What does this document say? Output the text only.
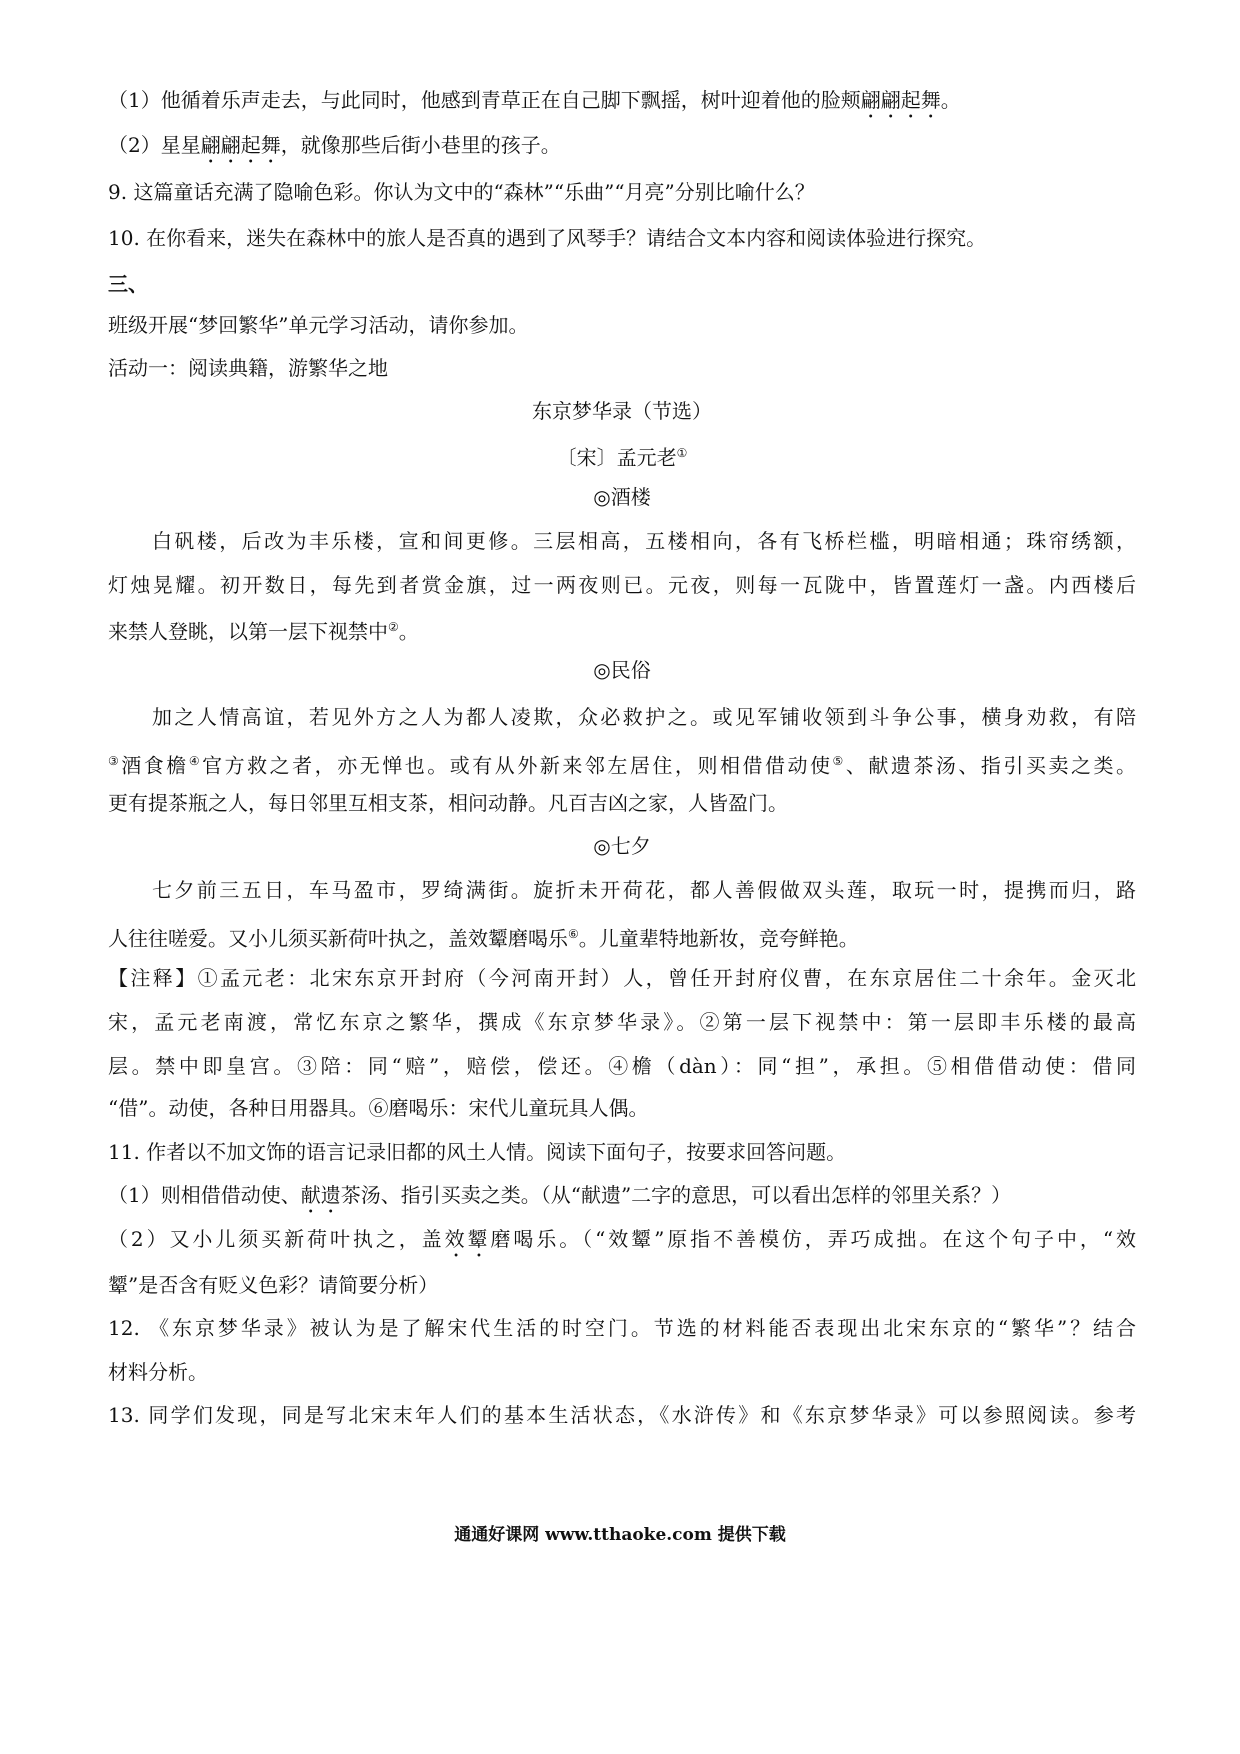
（1）他循着乐声走去，与此同时，他感到青草正在自己脚下飘摇，树叶迎着他的脸颊翩翩起舞。
（2）星星翩翩起舞，就像那些后街小巷里的孩子。
9. 这篇童话充满了隐喻色彩。你认为文中的“森林”“乐曲”“月亮”分别比喻什么？
10. 在你看来，迷失在森林中的旅人是否真的遇到了风琴手？请结合文本内容和阅读体验进行探究。
三、
班级开展“梦回繁华”单元学习活动，请你参加。
活动一：阅读典籍，游繁华之地
东京梦华录（节选）
〔宋〕孟元老①
◎酒楼
白矾楼，后改为丰乐楼，宣和间更修。三层相高，五楼相向，各有飞桥栏槛，明暗相通；珠帘绣额，
灯烛晃耀。初开数日，每先到者赏金旗，过一两夜则已。元夜，则每一瓦陇中，皆置莲灯一盏。内西楼后
来禁人登眺，以第一层下视禁中②。
◎民俗
加之人情高谊，若见外方之人为都人凌欺，众必救护之。或见军铺收领到斗争公事，横身劝救，有陪
③酒食檐④官方救之者，亦无惮也。或有从外新来邻左居住，则相借借动使⑤、献遗茶汤、指引买卖之类。
更有提茶瓶之人，每日邻里互相支茶，相问动静。凡百吉凶之家，人皆盈门。
◎七夕
七夕前三五日，车马盈市，罗绮满街。旋折未开荷花，都人善假做双头莲，取玩一时，提携而归，路
人往往嗟爱。又小儿须买新荷叶执之，盖效颦磨喝乐⑥。儿童辈特地新妆，竞夸鲜艳。
【注释】①孟元老：北宋东京开封府（今河南开封）人，曾任开封府仪曹，在东京居住二十余年。金灭北
宋，孟元老南渡，常忆东京之繁华，撰成《东京梦华录》。②第一层下视禁中：第一层即丰乐楼的最高
层。禁中即皇宫。③陪：同“赔”，赔偿，偿还。④檐（dàn）：同“担”，承担。⑤相借借动使：借同
“借”。动使，各种日用器具。⑥磨喝乐：宋代儿童玩具人偶。
11. 作者以不加文饰的语言记录旧都的风土人情。阅读下面句子，按要求回答问题。
（1）则相借借动使、献遗茶汤、指引买卖之类。（从“献遗”二字的意思，可以看出怎样的邻里关系？）
（2）又小儿须买新荷叶执之，盖效颦磨喝乐。（“效颦”原指不善模仿，弄巧成拙。在这个句子中，“效
颦”是否含有贬义色彩？请简要分析）
12. 《东京梦华录》被认为是了解宋代生活的时空门。节选的材料能否表现出北宋东京的“繁华”？结合
材料分析。
13. 同学们发现，同是写北宋末年人们的基本生活状态，《水浒传》和《东京梦华录》可以参照阅读。参考
通通好课网 www.tthaoke.com 提供下载
